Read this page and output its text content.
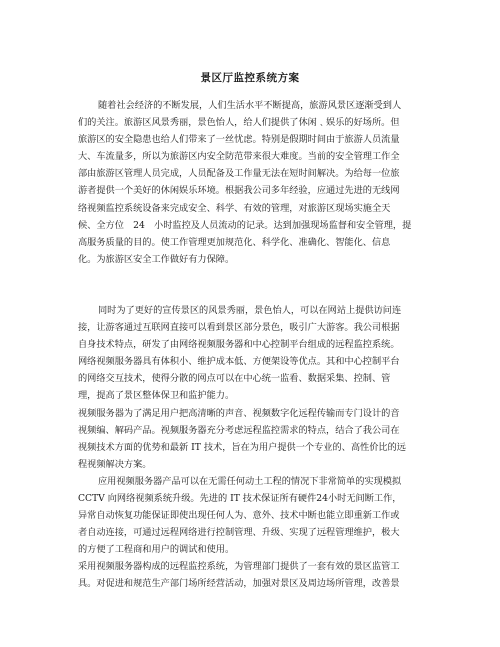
景区厅监控系统方案
随着社会经济的不断发展，人们生活水平不断提高，旅游风景区逐渐受到人
们的关注。旅游区风景秀丽，景色怡人，给人们提供了休闲﹑娱乐的好场所。但
旅游区的安全隐患也给人们带来了一丝忧虑。特别是假期时间由于旅游人员流量
大、车流量多，所以为旅游区内安全防范带来很大难度。当前的安全管理工作全
部由旅游区管理人员完成，人员配备及工作量无法在短时间解决。为给每一位旅
游者提供一个美好的休闲娱乐环境。根据我公司多年经验，应通过先进的无线网
络视频监控系统设备来完成安全、科学、有效的管理，对旅游区现场实施全天
候、全方位　24　小时监控及人员流动的记录。达到加强现场监督和安全管理，提
高服务质量的目的。使工作管理更加规范化、科学化、准确化、智能化、信息
化。为旅游区安全工作做好有力保障。
同时为了更好的宣传景区的风景秀丽，景色怡人，可以在网站上提供访问连
接，让游客通过互联网直接可以看到景区部分景色，吸引广大游客。我公司根据
自身技术特点，研发了由网络视频服务器和中心控制平台组成的远程监控系统。
网络视频服务器具有体积小、维护成本低、方便架设等优点。其和中心控制平台
的网络交互技术，使得分散的网点可以在中心统一监看、数据采集、控制、管
理，提高了景区整体保卫和监护能力。
视频服务器为了满足用户把高清晰的声音、视频数字化远程传输而专门设计的音
视频编、解码产品。视频服务器充分考虑远程监控需求的特点，结合了我公司在
视频技术方面的优势和最新 IT 技术，旨在为用户提供一个专业的、高性价比的远
程视频解决方案。
应用视频服务器产品可以在无需任何动土工程的情况下非常简单的实现模拟
CCTV 向网络视频系统升级。先进的 IT 技术保证所有硬件24小时无间断工作，
异常自动恢复功能保证即使出现任何人为、意外、技术中断也能立即重新工作或
者自动连接，可通过远程网络进行控制管理、升级、实现了远程管理维护，极大
的方便了工程商和用户的调试和使用。
采用视频服务器构成的远程监控系统，为管理部门提供了一套有效的景区监管工
具。对促进和规范生产部门场所经营活动，加强对景区及周边场所管理，改善景
